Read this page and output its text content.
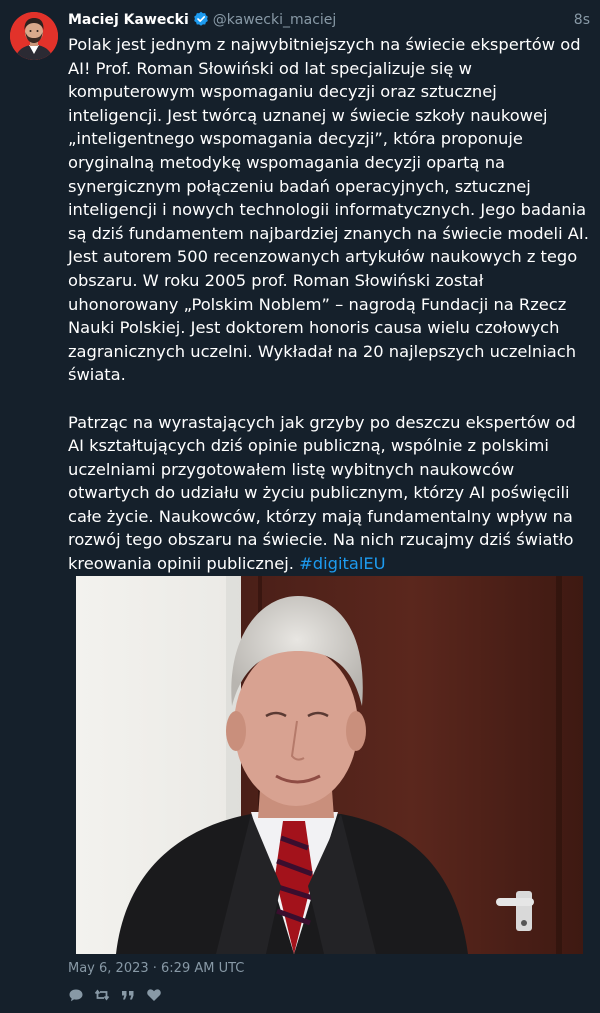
Maciej Kawecki @kawecki_maciej	8s

Polak jest jednym z najwybitniejszych na świecie ekspertów od AI! Prof. Roman Słowiński od lat specjalizuje się w komputerowym wspomaganiu decyzji oraz sztucznej inteligencji. Jest twórcą uznanej w świecie szkoły naukowej „inteligentnego wspomagania decyzji”, która proponuje oryginalną metodykę wspomagania decyzji opartą na synergicznym połączeniu badań operacyjnych, sztucznej inteligencji i nowych technologii informatycznych. Jego badania są dziś fundamentem najbardziej znanych na świecie modeli AI. Jest autorem 500 recenzowanych artykułów naukowych z tego obszaru. W roku 2005 prof. Roman Słowiński został uhonorowany „Polskim Noblem” – nagrodą Fundacji na Rzecz Nauki Polskiej. Jest doktorem honoris causa wielu czołowych zagranicznych uczelni. Wykładał na 20 najlepszych uczelniach świata.

Patrząc na wyrastających jak grzyby po deszczu ekspertów od AI kształtujących dziś opinie publiczną, wspólnie z polskimi uczelniami przygotowałem listę wybitnych naukowców otwartych do udziału w życiu publicznym, którzy AI poświęcili całe życie. Naukowców, którzy mają fundamentalny wpływ na rozwój tego obszaru na świecie. Na nich rzucajmy dziś światło kreowania opinii publicznej. #digitalEU

May 6, 2023 · 6:29 AM UTC
